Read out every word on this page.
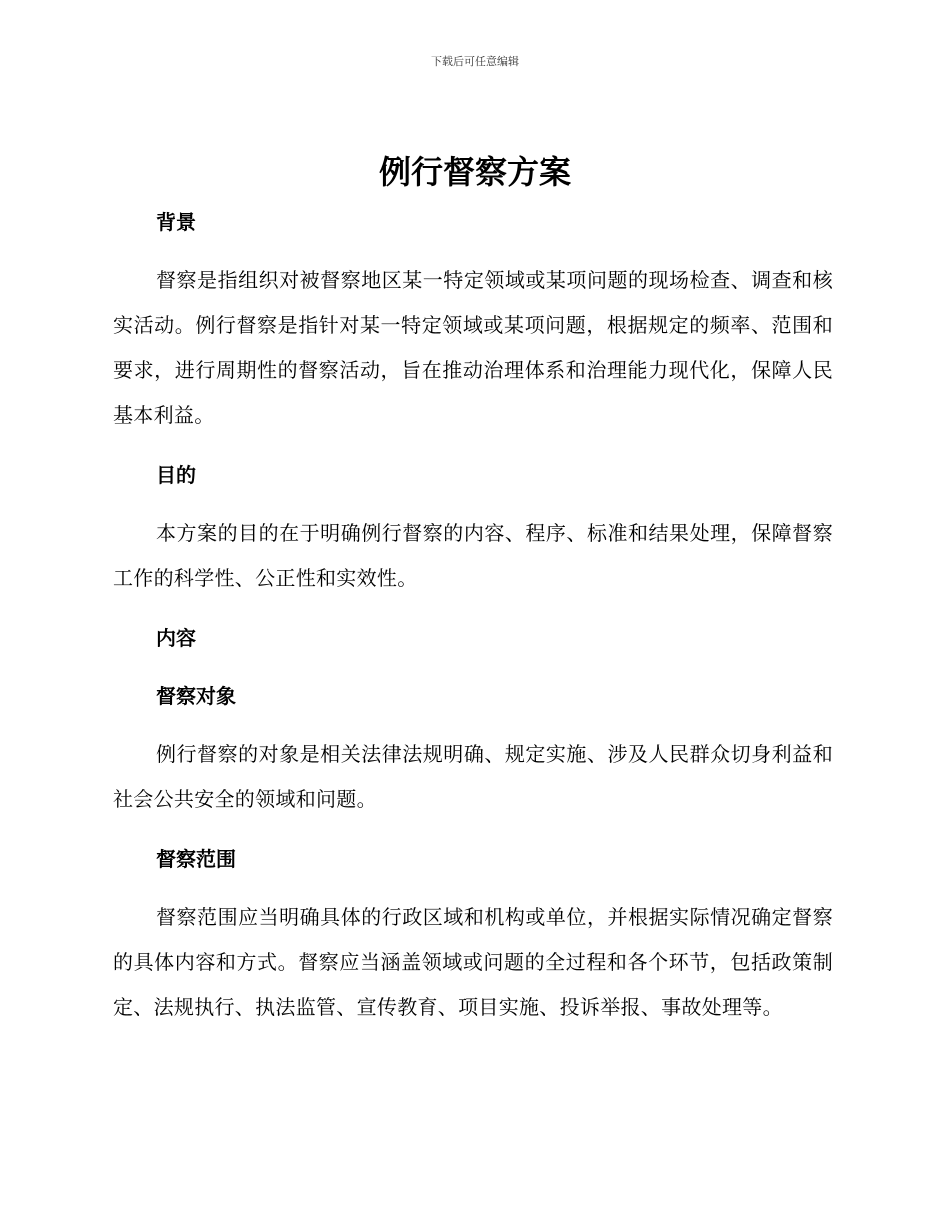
下载后可任意编辑
例行督察方案
背景

督察是指组织对被督察地区某一特定领域或某项问题的现场检查、调查和核实活动。例行督察是指针对某一特定领域或某项问题，根据规定的频率、范围和要求，进行周期性的督察活动，旨在推动治理体系和治理能力现代化，保障人民基本利益。

目的

本方案的目的在于明确例行督察的内容、程序、标准和结果处理，保障督察工作的科学性、公正性和实效性。

内容
督察对象

例行督察的对象是相关法律法规明确、规定实施、涉及人民群众切身利益和社会公共安全的领域和问题。

督察范围

督察范围应当明确具体的行政区域和机构或单位，并根据实际情况确定督察的具体内容和方式。督察应当涵盖领域或问题的全过程和各个环节，包括政策制定、法规执行、执法监管、宣传教育、项目实施、投诉举报、事故处理等。
